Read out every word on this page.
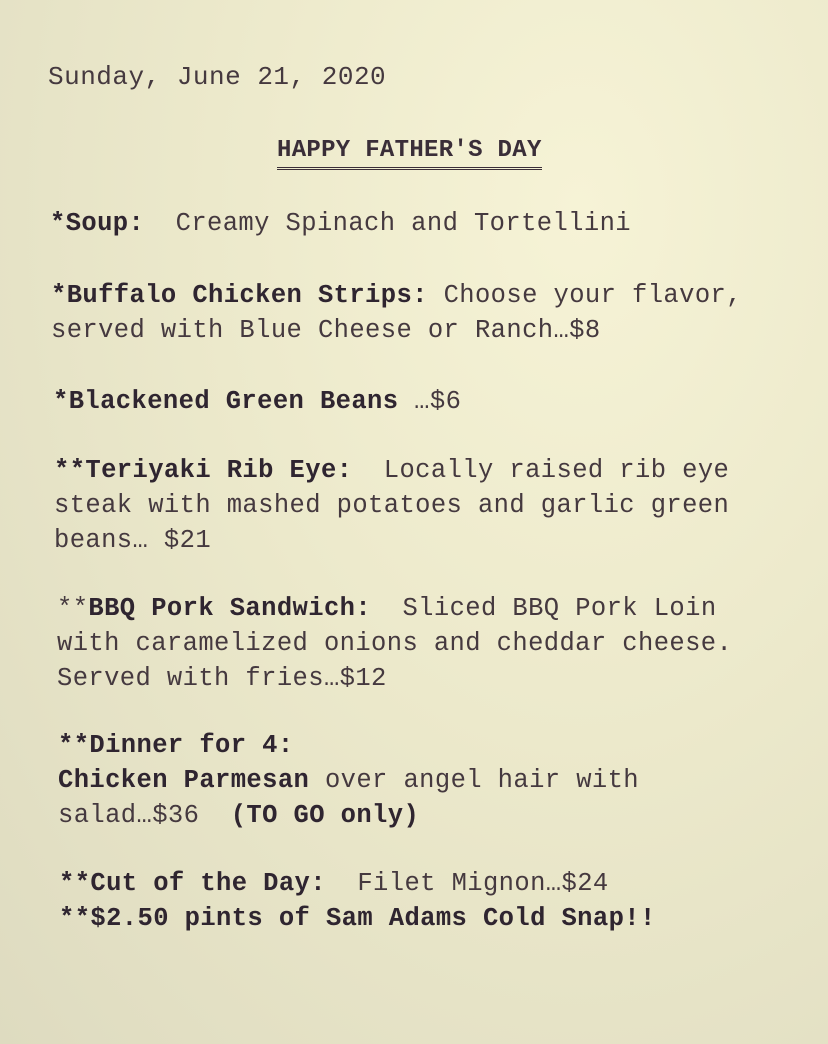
Sunday, June 21, 2020
HAPPY FATHER'S DAY
*Soup: Creamy Spinach and Tortellini
*Buffalo Chicken Strips: Choose your flavor,
served with Blue Cheese or Ranch…$8
*Blackened Green Beans …$6
**Teriyaki Rib Eye: Locally raised rib eye
steak with mashed potatoes and garlic green
beans… $21
**BBQ Pork Sandwich: Sliced BBQ Pork Loin
with caramelized onions and cheddar cheese.
Served with fries…$12
**Dinner for 4:
Chicken Parmesan over angel hair with
salad…$36 (TO GO only)
**Cut of the Day: Filet Mignon…$24
**$2.50 pints of Sam Adams Cold Snap!!
